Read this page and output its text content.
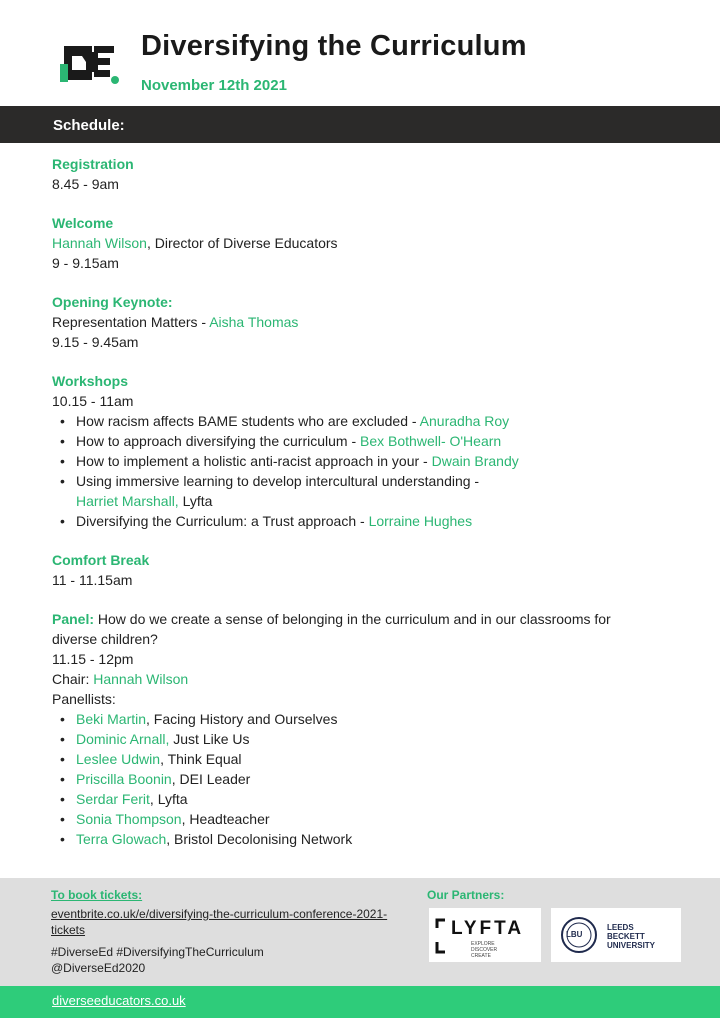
Diversifying the Curriculum
November 12th 2021
Schedule:
Registration
8.45 - 9am
Welcome
Hannah Wilson, Director of Diverse Educators
9 - 9.15am
Opening Keynote:
Representation Matters - Aisha Thomas
9.15 - 9.45am
Workshops
10.15 - 11am
• How racism affects BAME students who are excluded - Anuradha Roy
• How to approach diversifying the curriculum - Bex Bothwell- O'Hearn
• How to implement a holistic anti-racist approach in your - Dwain Brandy
• Using immersive learning to develop intercultural understanding -
Harriet Marshall, Lyfta
• Diversifying the Curriculum: a Trust approach - Lorraine Hughes
Comfort Break
11 - 11.15am
Panel: How do we create a sense of belonging in the curriculum and in our classrooms for diverse children?
11.15 - 12pm
Chair: Hannah Wilson
Panellists:
• Beki Martin, Facing History and Ourselves
• Dominic Arnall, Just Like Us
• Leslee Udwin, Think Equal
• Priscilla Boonin, DEI Leader
• Serdar Ferit, Lyfta
• Sonia Thompson, Headteacher
• Terra Glowach, Bristol Decolonising Network
To book tickets:
eventbrite.co.uk/e/diversifying-the-curriculum-conference-2021-tickets
#DiverseEd #DiversifyingTheCurriculum
@DiverseEd2020
Our Partners:
LYFTA
EXPLORE
DISCOVER
CREATE
LBU
LEEDS
BECKETT
UNIVERSITY
diverseeducators.co.uk
